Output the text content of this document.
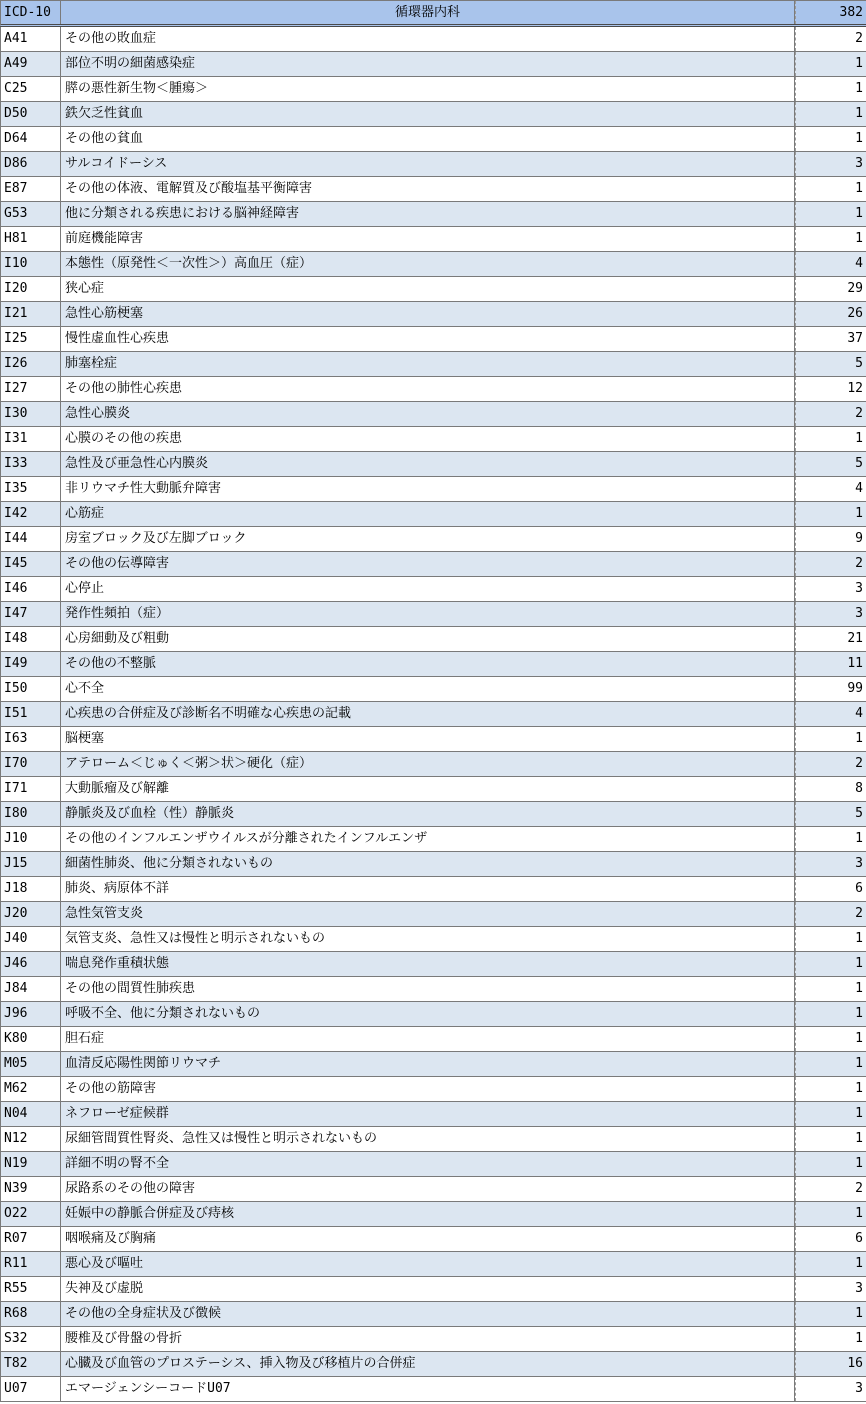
ICD-10	循環器内科	382
A41	その他の敗血症	2
A49	部位不明の細菌感染症	1
C25	膵の悪性新生物＜腫瘍＞	1
D50	鉄欠乏性貧血	1
D64	その他の貧血	1
D86	サルコイドーシス	3
E87	その他の体液、電解質及び酸塩基平衡障害	1
G53	他に分類される疾患における脳神経障害	1
H81	前庭機能障害	1
I10	本態性（原発性＜一次性＞）高血圧（症）	4
I20	狭心症	29
I21	急性心筋梗塞	26
I25	慢性虚血性心疾患	37
I26	肺塞栓症	5
I27	その他の肺性心疾患	12
I30	急性心膜炎	2
I31	心膜のその他の疾患	1
I33	急性及び亜急性心内膜炎	5
I35	非リウマチ性大動脈弁障害	4
I42	心筋症	1
I44	房室ブロック及び左脚ブロック	9
I45	その他の伝導障害	2
I46	心停止	3
I47	発作性頻拍（症）	3
I48	心房細動及び粗動	21
I49	その他の不整脈	11
I50	心不全	99
I51	心疾患の合併症及び診断名不明確な心疾患の記載	4
I63	脳梗塞	1
I70	アテローム＜じゅく＜粥＞状＞硬化（症）	2
I71	大動脈瘤及び解離	8
I80	静脈炎及び血栓（性）静脈炎	5
J10	その他のインフルエンザウイルスが分離されたインフルエンザ	1
J15	細菌性肺炎、他に分類されないもの	3
J18	肺炎、病原体不詳	6
J20	急性気管支炎	2
J40	気管支炎、急性又は慢性と明示されないもの	1
J46	喘息発作重積状態	1
J84	その他の間質性肺疾患	1
J96	呼吸不全、他に分類されないもの	1
K80	胆石症	1
M05	血清反応陽性関節リウマチ	1
M62	その他の筋障害	1
N04	ネフローゼ症候群	1
N12	尿細管間質性腎炎、急性又は慢性と明示されないもの	1
N19	詳細不明の腎不全	1
N39	尿路系のその他の障害	2
O22	妊娠中の静脈合併症及び痔核	1
R07	咽喉痛及び胸痛	6
R11	悪心及び嘔吐	1
R55	失神及び虚脱	3
R68	その他の全身症状及び徴候	1
S32	腰椎及び骨盤の骨折	1
T82	心臓及び血管のプロステーシス、挿入物及び移植片の合併症	16
U07	エマージェンシーコードU07	3
